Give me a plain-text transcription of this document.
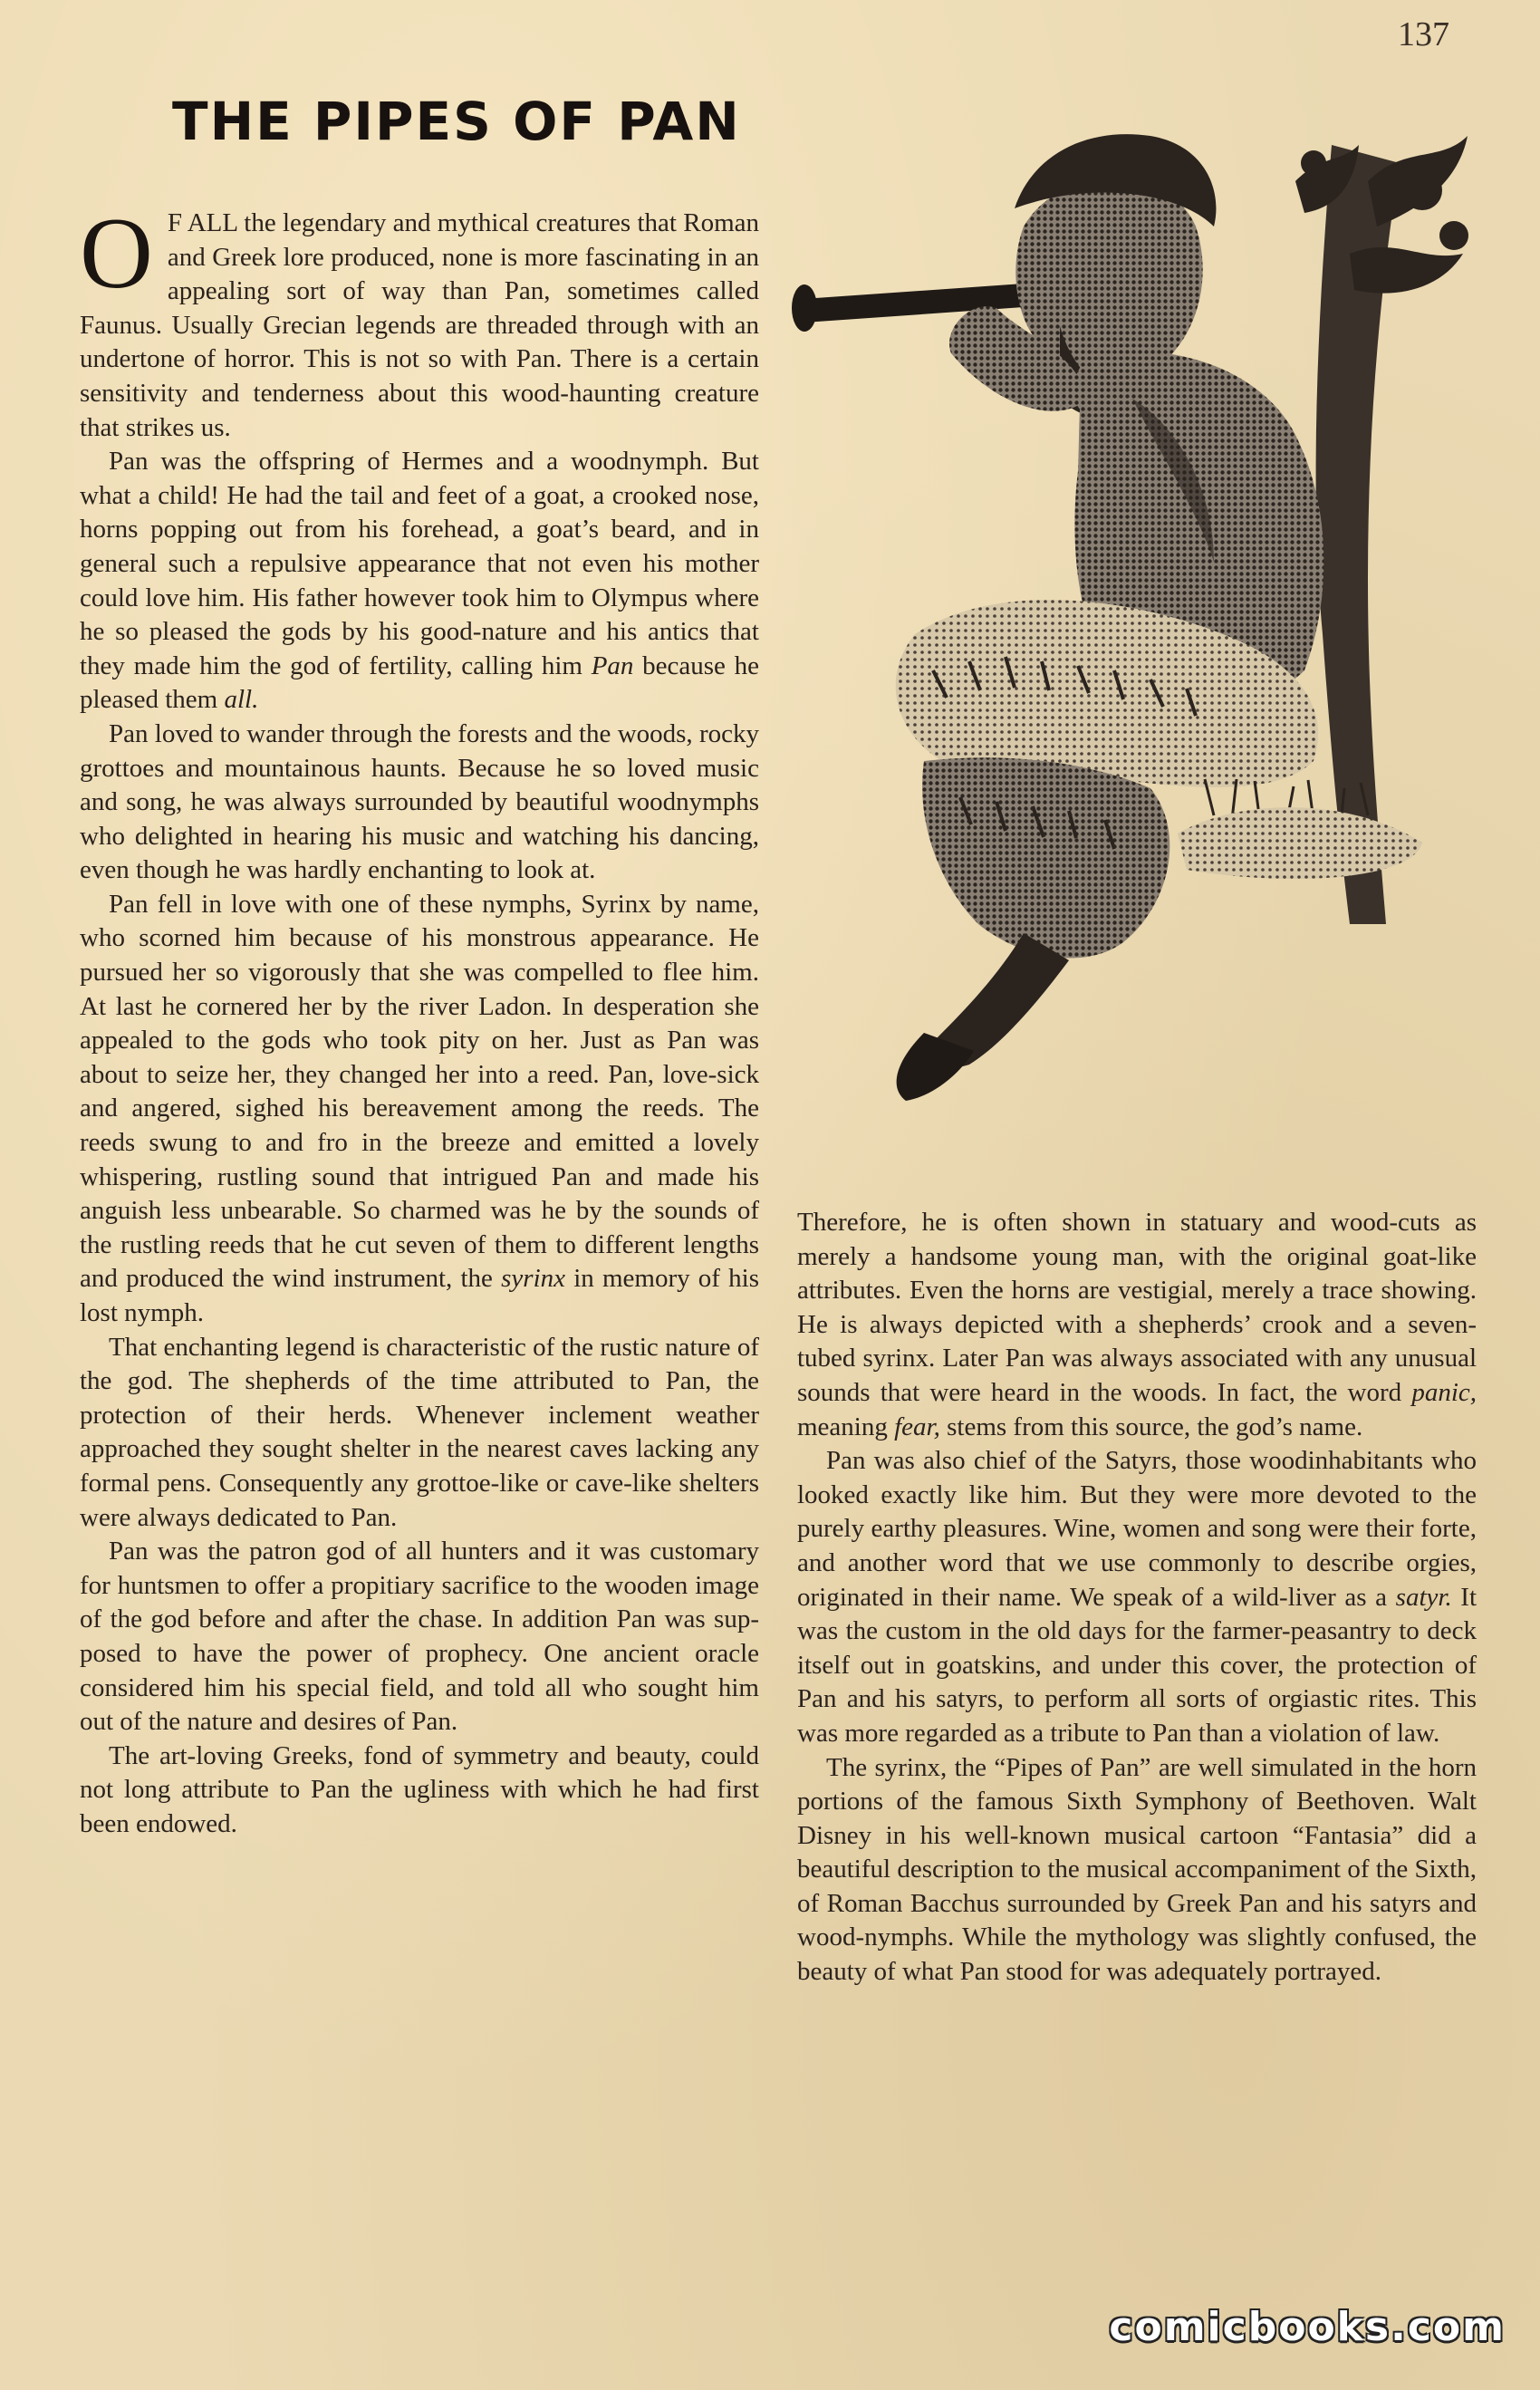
137
THE PIPES OF PAN

O F ALL the legendary and mythical creatures that Roman and Greek lore produced, none is more fascinating in an appealing sort of way than Pan, sometimes called Faunus. Usually Grecian legends are threaded through with an undertone of horror. This is not so with Pan. There is a certain sensitivity and tenderness about this wood-haunting creature that strikes us.

Pan was the offspring of Hermes and a woodnymph. But what a child! He had the tail and feet of a goat, a crooked nose, horns popping out from his forehead, a goat’s beard, and in general such a repulsive appearance that not even his mother could love him. His father however took him to Olympus where he so pleased the gods by his good-nature and his antics that they made him the god of fertility, calling him Pan because he pleased them all.

Pan loved to wander through the forests and the woods, rocky grottoes and mountainous haunts. Because he so loved music and song, he was always surrounded by beautiful woodnymphs who delighted in hearing his music and watching his dancing, even though he was hardly enchanting to look at.

Pan fell in love with one of these nymphs, Syrinx by name, who scorned him because of his monstrous appearance. He pursued her so vigorously that she was compelled to flee him. At last he cornered her by the river Ladon. In desperation she appealed to the gods who took pity on her. Just as Pan was about to seize her, they changed her into a reed. Pan, love-sick and angered, sighed his bereavement among the reeds. The reeds swung to and fro in the breeze and emitted a lovely whispering, rustling sound that intrigued Pan and made his anguish less unbearable. So charmed was he by the sounds of the rustling reeds that he cut seven of them to different lengths and produced the wind instrument, the syrinx in memory of his lost nymph.

That enchanting legend is characteristic of the rustic nature of the god. The shepherds of the time attributed to Pan, the protection of their herds. Whenever inclement weather approached they sought shelter in the nearest caves lacking any formal pens. Consequently any grottoe-like or cave-like shelters were always dedicated to Pan.

Pan was the patron god of all hunters and it was customary for huntsmen to offer a propitiary sacrifice to the wooden image of the god before and after the chase. In addition Pan was supposed to have the power of prophecy. One ancient oracle considered him his special field, and told all who sought him out of the nature and desires of Pan.

The art-loving Greeks, fond of symmetry and beauty, could not long attribute to Pan the ugliness with which he had first been endowed.

Therefore, he is often shown in statuary and wood-cuts as merely a handsome young man, with the original goat-like attributes. Even the horns are vestigial, merely a trace showing. He is always depicted with a shepherds’ crook and a seven-tubed syrinx. Later Pan was always associated with any unusual sounds that were heard in the woods. In fact, the word panic, meaning fear, stems from this source, the god’s name.

Pan was also chief of the Satyrs, those woodinhabitants who looked exactly like him. But they were more devoted to the purely earthy pleasures. Wine, women and song were their forte, and another word that we use commonly to describe orgies, originated in their name. We speak of a wild-liver as a satyr. It was the custom in the old days for the farmer-peasantry to deck itself out in goatskins, and under this cover, the protection of Pan and his satyrs, to perform all sorts of orgiastic rites. This was more regarded as a tribute to Pan than a violation of law.

The syrinx, the “Pipes of Pan” are well simulated in the horn portions of the famous Sixth Symphony of Beethoven. Walt Disney in his well-known musical cartoon “Fantasia” did a beautiful description to the musical accompaniment of the Sixth, of Roman Bacchus surrounded by Greek Pan and his satyrs and wood-nymphs. While the mythology was slightly confused, the beauty of what Pan stood for was adequately portrayed.

comicbooks.com
